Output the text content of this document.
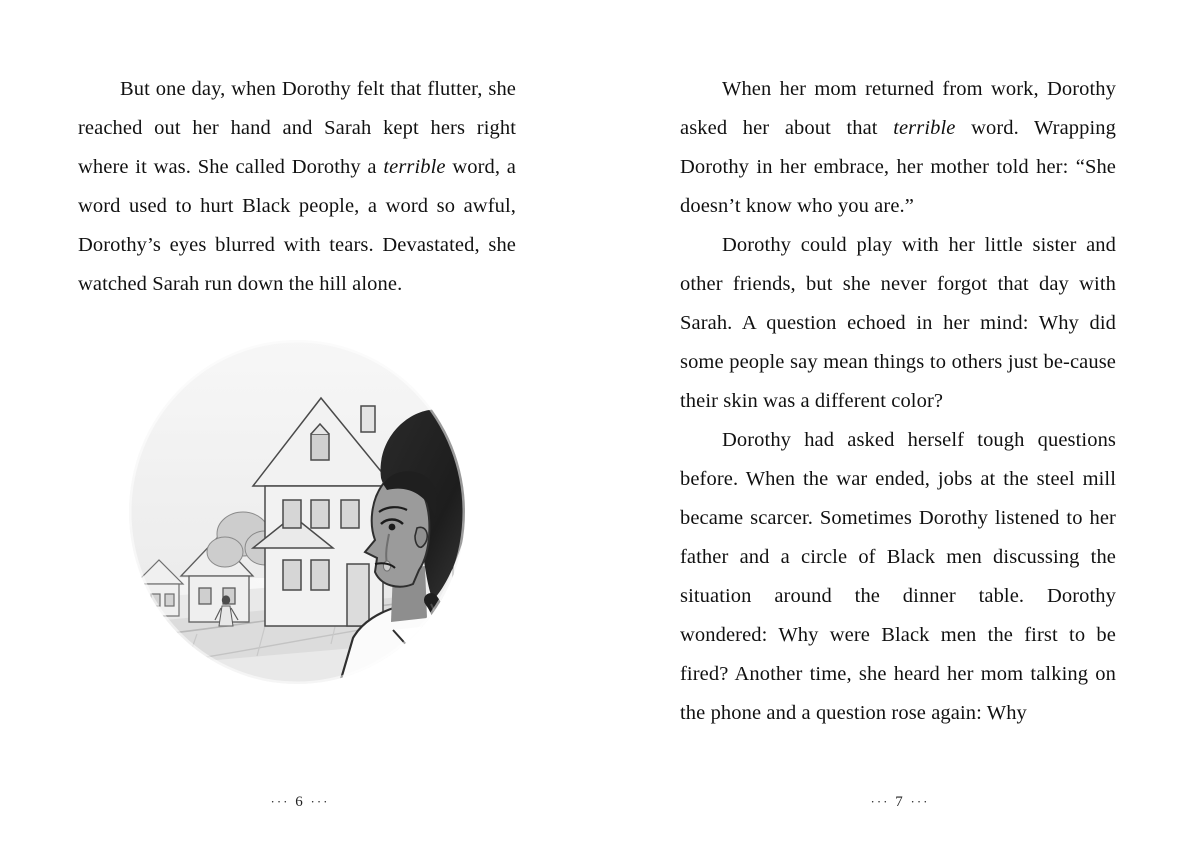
But one day, when Dorothy felt that flutter, she reached out her hand and Sarah kept hers right where it was. She called Dorothy a terrible word, a word used to hurt Black people, a word so awful, Dorothy’s eyes blurred with tears. Devastated, she watched Sarah run down the hill alone.

··· 6 ···

When her mom returned from work, Dorothy asked her about that terrible word. Wrapping Dorothy in her embrace, her mother told her: “She doesn’t know who you are.”

Dorothy could play with her little sister and other friends, but she never forgot that day with Sarah. A question echoed in her mind: Why did some people say mean things to others just be-cause their skin was a different color?

Dorothy had asked herself tough questions before. When the war ended, jobs at the steel mill became scarcer. Sometimes Dorothy listened to her father and a circle of Black men discussing the situation around the dinner table. Dorothy wondered: Why were Black men the first to be fired? Another time, she heard her mom talking on the phone and a question rose again: Why

··· 7 ···
